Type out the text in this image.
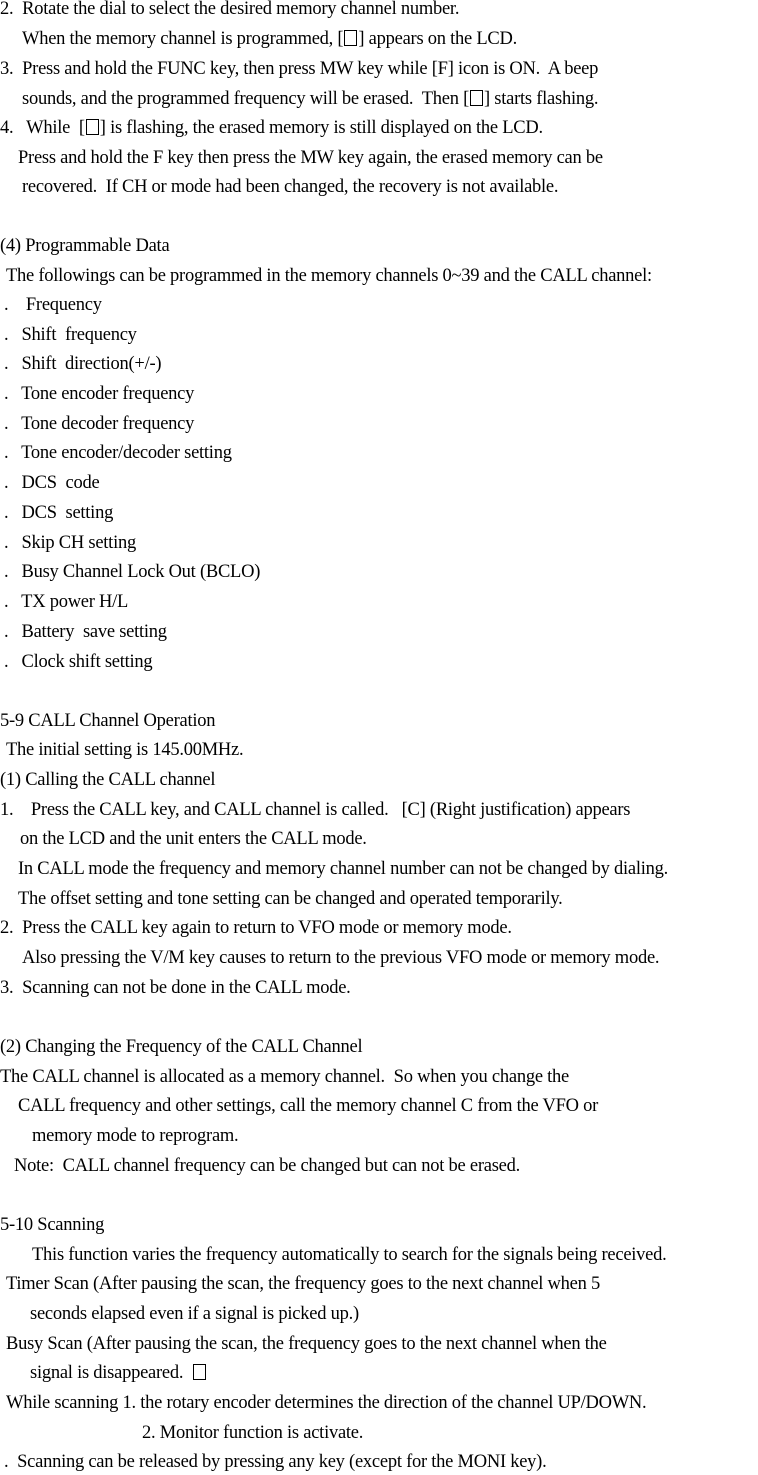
2.  Rotate the dial to select the desired memory channel number.
When the memory channel is programmed, [ ] appears on the LCD.
3.  Press and hold the FUNC key, then press MW key while [F] icon is ON.  A beep
sounds, and the programmed frequency will be erased.  Then [ ] starts flashing.
4.   While  [ ] is flashing, the erased memory is still displayed on the LCD.
Press and hold the F key then press the MW key again, the erased memory can be
recovered.  If CH or mode had been changed, the recovery is not available.
(4) Programmable Data
The followings can be programmed in the memory channels 0~39 and the CALL channel:
.    Frequency
.   Shift  frequency
.   Shift  direction(+/-)
.   Tone encoder frequency
.   Tone decoder frequency
.   Tone encoder/decoder setting
.   DCS  code
.   DCS  setting
.   Skip CH setting
.   Busy Channel Lock Out (BCLO)
.   TX power H/L
.   Battery  save setting
.   Clock shift setting
5-9 CALL Channel Operation
The initial setting is 145.00MHz.
(1) Calling the CALL channel
1.    Press the CALL key, and CALL channel is called.   [C] (Right justification) appears
on the LCD and the unit enters the CALL mode.
In CALL mode the frequency and memory channel number can not be changed by dialing.
The offset setting and tone setting can be changed and operated temporarily.
2.  Press the CALL key again to return to VFO mode or memory mode.
Also pressing the V/M key causes to return to the previous VFO mode or memory mode.
3.  Scanning can not be done in the CALL mode.
(2) Changing the Frequency of the CALL Channel
The CALL channel is allocated as a memory channel.  So when you change the
CALL frequency and other settings, call the memory channel C from the VFO or
memory mode to reprogram.
Note:  CALL channel frequency can be changed but can not be erased.
5-10 Scanning
This function varies the frequency automatically to search for the signals being received.
Timer Scan (After pausing the scan, the frequency goes to the next channel when 5
seconds elapsed even if a signal is picked up.)
Busy Scan (After pausing the scan, the frequency goes to the next channel when the
signal is disappeared.
While scanning 1. the rotary encoder determines the direction of the channel UP/DOWN.
2. Monitor function is activate.
.  Scanning can be released by pressing any key (except for the MONI key).
